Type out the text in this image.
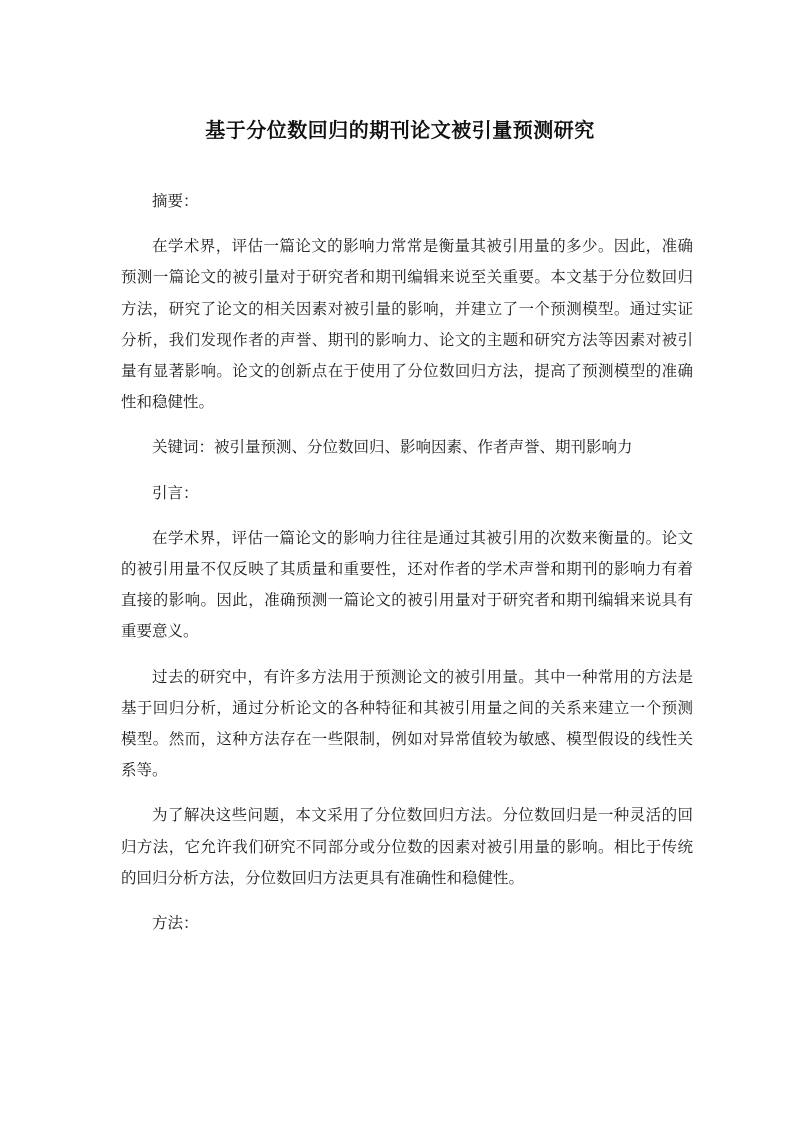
基于分位数回归的期刊论文被引量预测研究

摘要：

在学术界，评估一篇论文的影响力常常是衡量其被引用量的多少。因此，准确预测一篇论文的被引量对于研究者和期刊编辑来说至关重要。本文基于分位数回归方法，研究了论文的相关因素对被引量的影响，并建立了一个预测模型。通过实证分析，我们发现作者的声誉、期刊的影响力、论文的主题和研究方法等因素对被引量有显著影响。论文的创新点在于使用了分位数回归方法，提高了预测模型的准确性和稳健性。

关键词：被引量预测、分位数回归、影响因素、作者声誉、期刊影响力

引言：

在学术界，评估一篇论文的影响力往往是通过其被引用的次数来衡量的。论文的被引用量不仅反映了其质量和重要性，还对作者的学术声誉和期刊的影响力有着直接的影响。因此，准确预测一篇论文的被引用量对于研究者和期刊编辑来说具有重要意义。

过去的研究中，有许多方法用于预测论文的被引用量。其中一种常用的方法是基于回归分析，通过分析论文的各种特征和其被引用量之间的关系来建立一个预测模型。然而，这种方法存在一些限制，例如对异常值较为敏感、模型假设的线性关系等。

为了解决这些问题，本文采用了分位数回归方法。分位数回归是一种灵活的回归方法，它允许我们研究不同部分或分位数的因素对被引用量的影响。相比于传统的回归分析方法，分位数回归方法更具有准确性和稳健性。

方法：
